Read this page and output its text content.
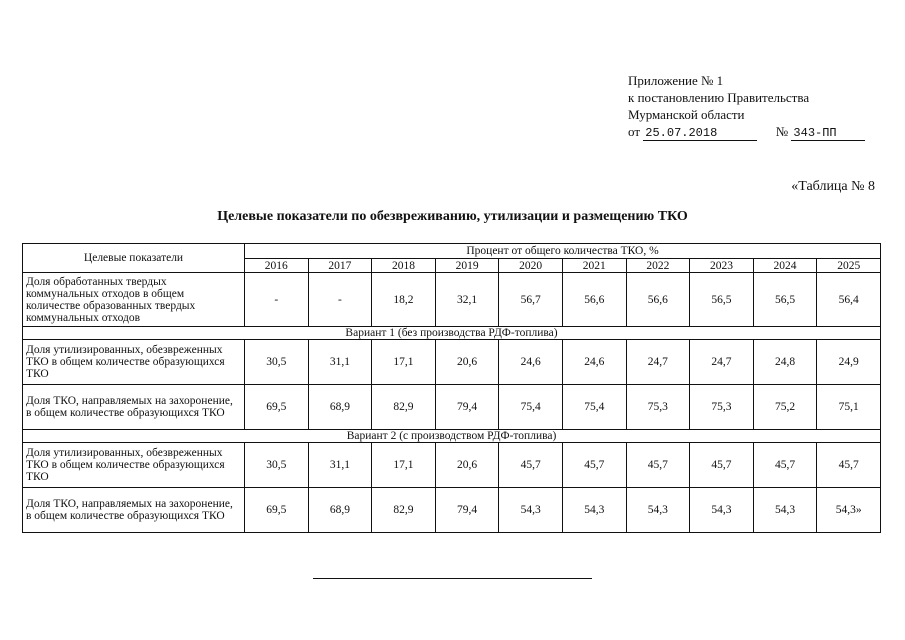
Приложение № 1
к постановлению Правительства
Мурманской области
от 25.07.2018	№ 343-ПП
«Таблица № 8
Целевые показатели по обезвреживанию, утилизации и размещению ТКО
Целевые показатели	Процент от общего количества ТКО, %									
	2016	2017	2018	2019	2020	2021	2022	2023	2024	2025
Доля обработанных твердых коммунальных отходов в общем количестве образованных твердых коммунальных отходов	-	-	18,2	32,1	56,7	56,6	56,6	56,5	56,5	56,4
Вариант 1 (без производства РДФ-топлива)										
Доля утилизированных, обезвреженных ТКО в общем количестве образующихся ТКО	30,5	31,1	17,1	20,6	24,6	24,6	24,7	24,7	24,8	24,9
Доля ТКО, направляемых на захоронение, в общем количестве образующихся ТКО	69,5	68,9	82,9	79,4	75,4	75,4	75,3	75,3	75,2	75,1
Вариант 2 (с производством РДФ-топлива)										
Доля утилизированных, обезвреженных ТКО в общем количестве образующихся ТКО	30,5	31,1	17,1	20,6	45,7	45,7	45,7	45,7	45,7	45,7
Доля ТКО, направляемых на захоронение, в общем количестве образующихся ТКО	69,5	68,9	82,9	79,4	54,3	54,3	54,3	54,3	54,3	54,3»
